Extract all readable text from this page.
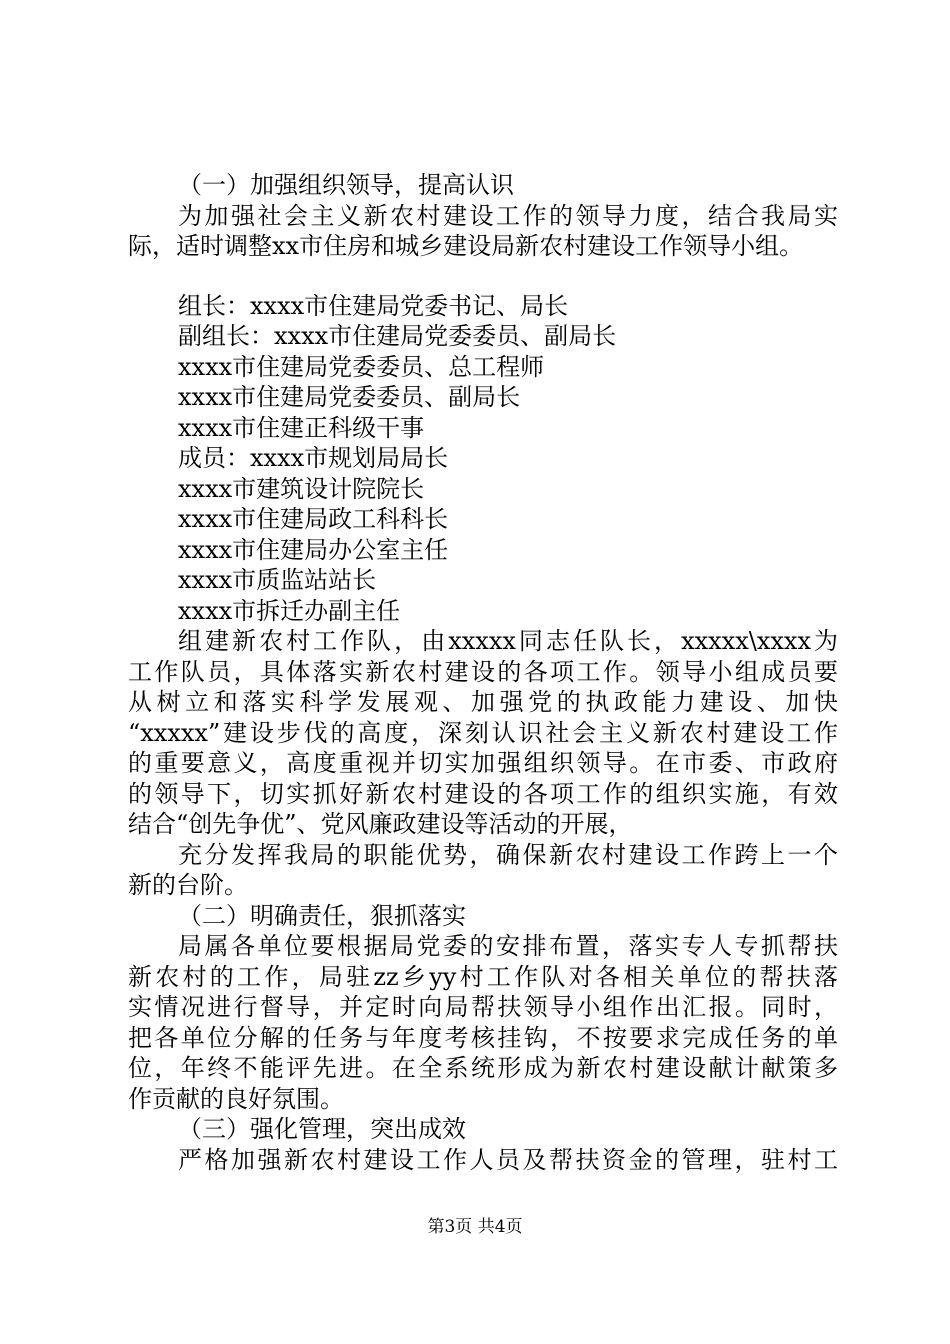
（一）加强组织领导，提高认识

为加强社会主义新农村建设工作的领导力度，结合我局实

际，适时调整xx市住房和城乡建设局新农村建设工作领导小组。

组长：xxxx市住建局党委书记、局长

副组长：xxxx市住建局党委委员、副局长

xxxx市住建局党委委员、总工程师

xxxx市住建局党委委员、副局长

xxxx市住建正科级干事

成员：xxxx市规划局局长

xxxx市建筑设计院院长

xxxx市住建局政工科科长

xxxx市住建局办公室主任

xxxx市质监站站长

xxxx市拆迁办副主任

组建新农村工作队，由xxxxx同志任队长，xxxxx\xxxx为

工作队员，具体落实新农村建设的各项工作。领导小组成员要

从树立和落实科学发展观、加强党的执政能力建设、加快

“xxxxx”建设步伐的高度，深刻认识社会主义新农村建设工作

的重要意义，高度重视并切实加强组织领导。在市委、市政府

的领导下，切实抓好新农村建设的各项工作的组织实施，有效

结合“创先争优”、党风廉政建设等活动的开展，

充分发挥我局的职能优势，确保新农村建设工作跨上一个

新的台阶。

（二）明确责任，狠抓落实

局属各单位要根据局党委的安排布置，落实专人专抓帮扶

新农村的工作，局驻zz乡yy村工作队对各相关单位的帮扶落

实情况进行督导，并定时向局帮扶领导小组作出汇报。同时，

把各单位分解的任务与年度考核挂钩，不按要求完成任务的单

位，年终不能评先进。在全系统形成为新农村建设献计献策多

作贡献的良好氛围。

（三）强化管理，突出成效

严格加强新农村建设工作人员及帮扶资金的管理，驻村工

第3页 共4页
